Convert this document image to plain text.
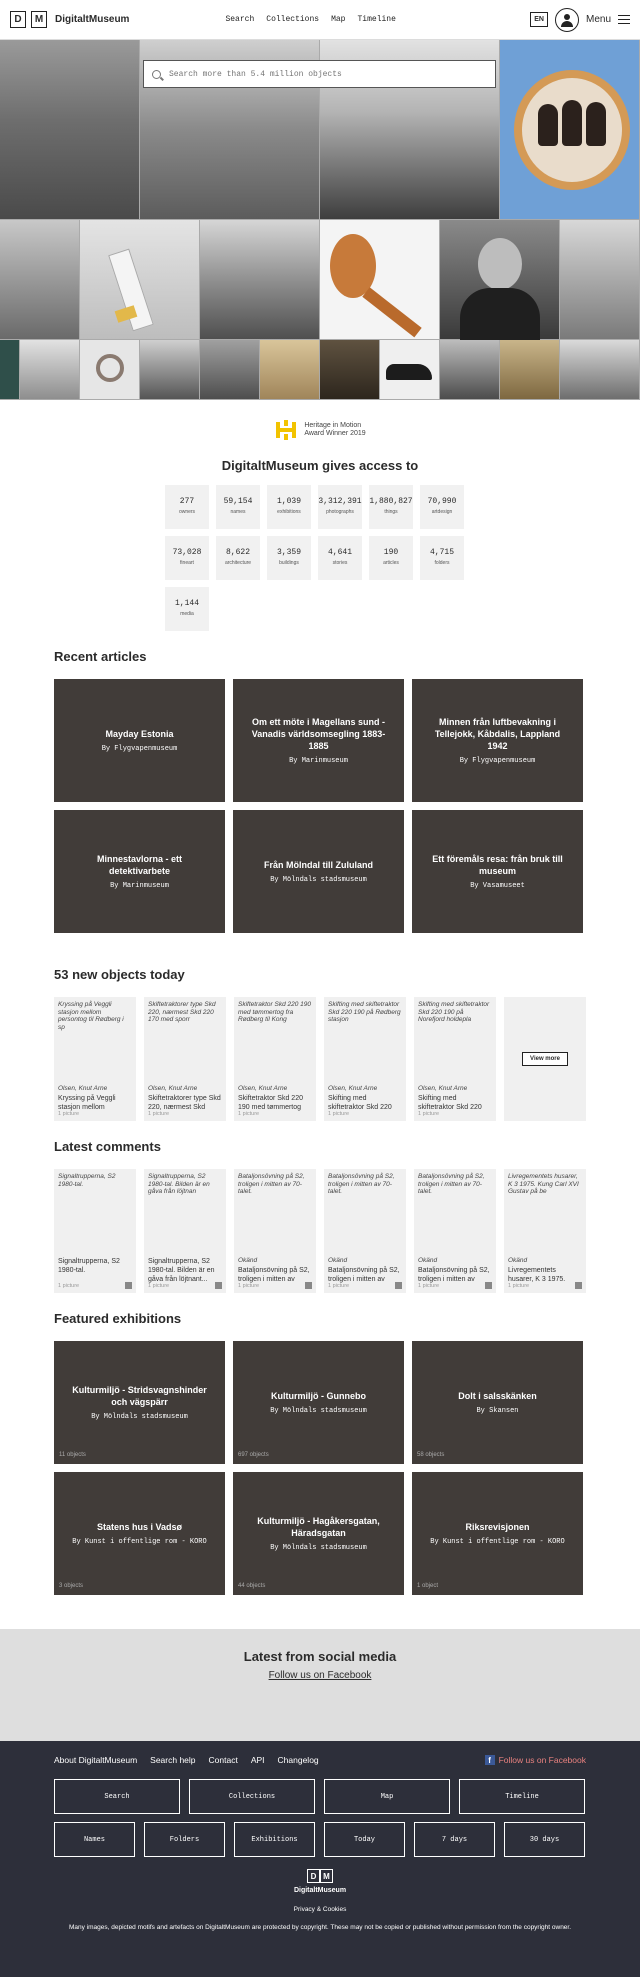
D	M	DigitaltMuseum	Search Collections Map Timeline	EN	Menu
Search more than 5.4 million objects
Heritage in Motion
Award Winner 2019
DigitaltMuseum gives access to
277
owners
59,154
names
1,039
exhibitions
3,312,391
photographs
1,880,827
things
70,990
artdesign
73,028
fineart
8,622
architecture
3,359
buildings
4,641
stories
190
articles
4,715
folders
1,144
media
Recent articles
Mayday Estonia
By Flygvapenmuseum
Om ett möte i Magellans sund - Vanadis världsomsegling 1883-1885
By Marinmuseum
Minnen från luftbevakning i Tellejokk, Kåbdalis, Lappland 1942
By Flygvapenmuseum
Minnestavlorna - ett detektivarbete
By Marinmuseum
Från Mölndal till Zululand
By Mölndals stadsmuseum
Ett föremåls resa: från bruk till museum
By Vasamuseet
53 new objects today
Kryssing på Veggli stasjon mellom persontog til Rødberg i sp
Olsen, Knut Arne
Kryssing på Veggli stasjon mellom
1 picture
Skiftetraktorer type Skd 220, nærmest Skd 220 170 med sporr
Olsen, Knut Arne
Skiftetraktorer type Skd 220, nærmest Skd
1 picture
Skiftetraktor Skd 220 190 med tømmertog fra Rødberg til Kong
Olsen, Knut Arne
Skiftetraktor Skd 220 190 med tømmertog
1 picture
Skifting med skiftetraktor Skd 220 190 på Rødberg stasjon
Olsen, Knut Arne
Skifting med skiftetraktor Skd 220
1 picture
Skifting med skiftetraktor Skd 220 190 på Norefjord holdepla
Olsen, Knut Arne
Skifting med skiftetraktor Skd 220
1 picture
View more
Latest comments
Signaltrupperna, S2 1980-tal.
Signaltrupperna, S2 1980-tal.
1 picture
Signaltrupperna, S2 1980-tal. Bilden är en gåva från löjtnan
Signaltrupperna, S2 1980-tal. Bilden är en gåva från löjtnant...
1 picture
Bataljonsövning på S2, troligen i mitten av 70-talet.
Okänd
Bataljonsövning på S2, troligen i mitten av
1 picture
Bataljonsövning på S2, troligen i mitten av 70-talet.
Okänd
Bataljonsövning på S2, troligen i mitten av
1 picture
Bataljonsövning på S2, troligen i mitten av 70-talet.
Okänd
Bataljonsövning på S2, troligen i mitten av
1 picture
Livregementets husarer, K 3 1975. Kung Carl XVI Gustav på be
Okänd
Livregementets husarer, K 3 1975.
1 picture
Featured exhibitions
Kulturmiljö - Stridsvagnshinder och vägspärr
By Mölndals stadsmuseum
11 objects
Kulturmiljö - Gunnebo
By Mölndals stadsmuseum
697 objects
Dolt i salsskänken
By Skansen
58 objects
Statens hus i Vadsø
By Kunst i offentlige rom - KORO
3 objects
Kulturmiljö - Hagåkersgatan, Häradsgatan
By Mölndals stadsmuseum
44 objects
Riksrevisjonen
By Kunst i offentlige rom - KORO
1 object
Latest from social media
Follow us on Facebook
About DigitaltMuseum Search help Contact API Changelog	f Follow us on Facebook
Search	Collections	Map	Timeline
Names	Folders	Exhibitions	Today	7 days	30 days
D M
DigitaltMuseum
Privacy & Cookies
Many images, depicted motifs and artefacts on DigitaltMuseum are protected by copyright. These may not be copied or published without permission from the copyright owner.
